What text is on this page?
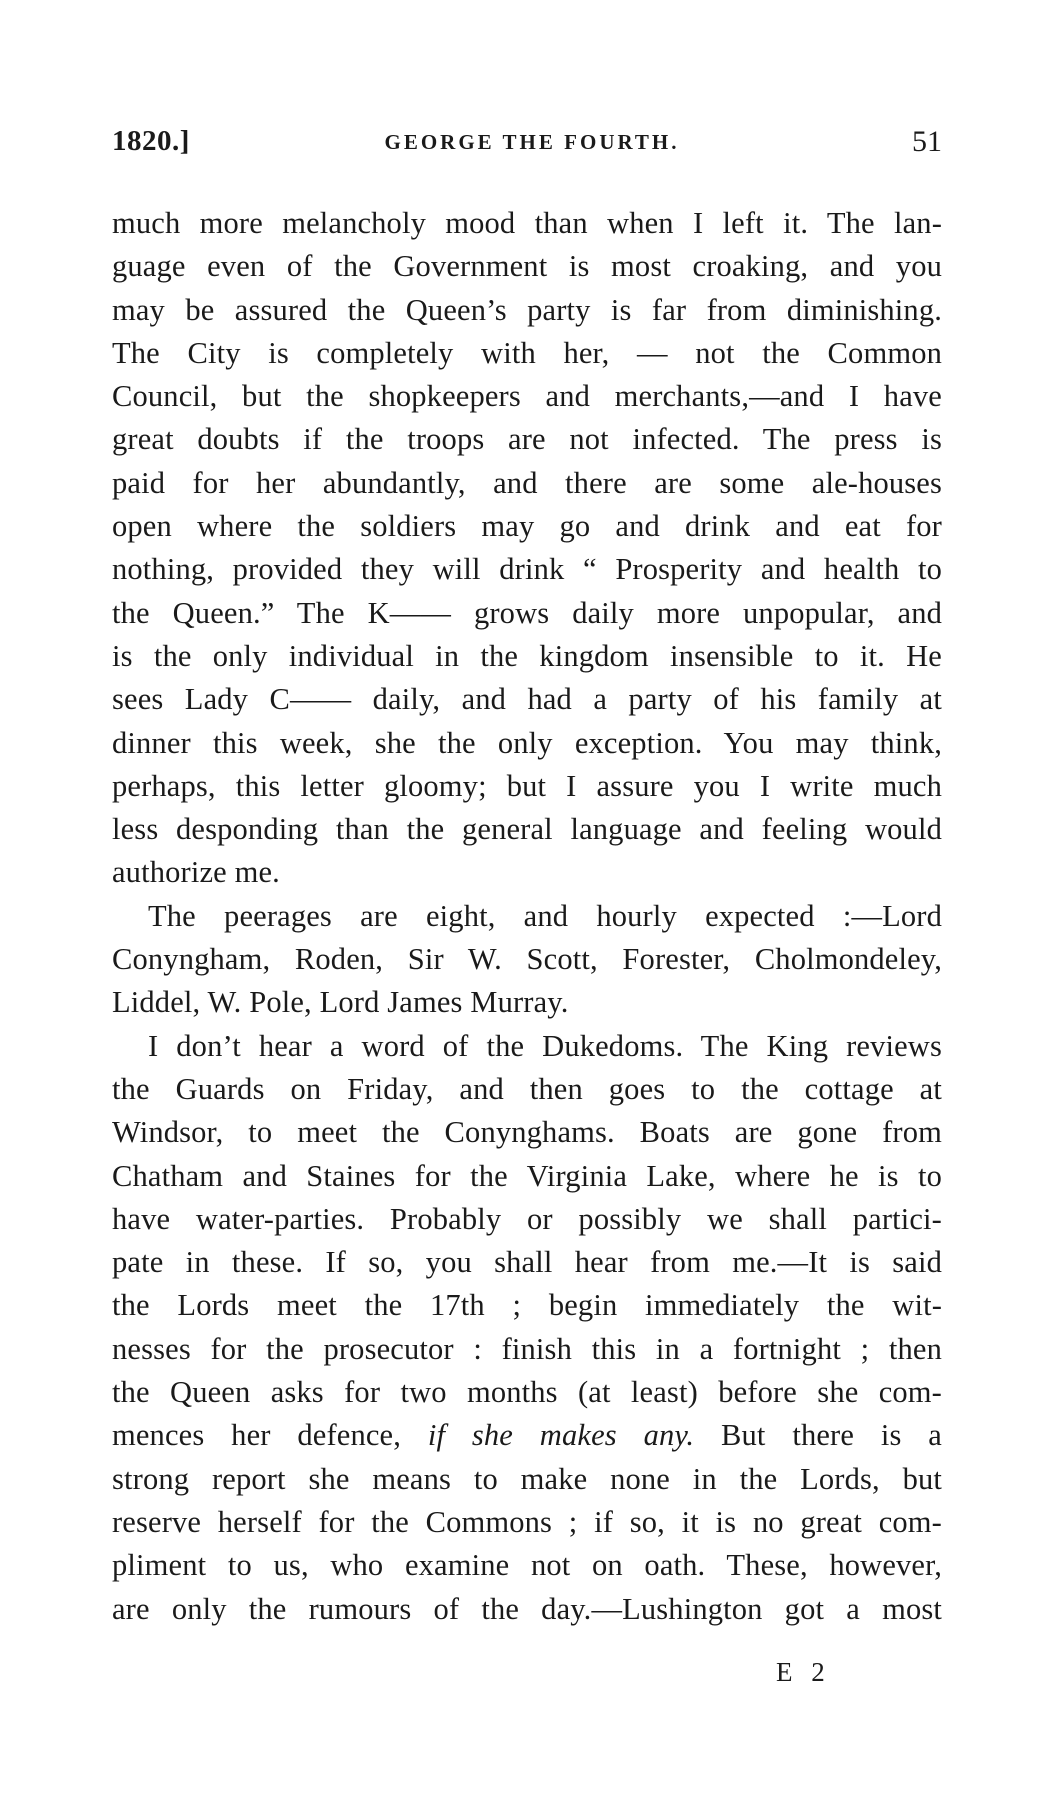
1820.]	GEORGE THE FOURTH.	51

much more melancholy mood than when I left it. The lan-
guage even of the Government is most croaking, and you
may be assured the Queen’s party is far from diminishing.
The City is completely with her, — not the Common
Council, but the shopkeepers and merchants,—and I have
great doubts if the troops are not infected. The press is
paid for her abundantly, and there are some ale-houses
open where the soldiers may go and drink and eat for
nothing, provided they will drink “ Prosperity and health to
the Queen.” The K—— grows daily more unpopular, and
is the only individual in the kingdom insensible to it. He
sees Lady C—— daily, and had a party of his family at
dinner this week, she the only exception. You may think,
perhaps, this letter gloomy; but I assure you I write much
less desponding than the general language and feeling would
authorize me.

The peerages are eight, and hourly expected :—Lord
Conyngham, Roden, Sir W. Scott, Forester, Cholmondeley,
Liddel, W. Pole, Lord James Murray.

I don’t hear a word of the Dukedoms. The King reviews
the Guards on Friday, and then goes to the cottage at
Windsor, to meet the Conynghams. Boats are gone from
Chatham and Staines for the Virginia Lake, where he is to
have water-parties. Probably or possibly we shall partici-
pate in these. If so, you shall hear from me.—It is said
the Lords meet the 17th ; begin immediately the wit-
nesses for the prosecutor : finish this in a fortnight ; then
the Queen asks for two months (at least) before she com-
mences her defence, if she makes any. But there is a
strong report she means to make none in the Lords, but
reserve herself for the Commons ; if so, it is no great com-
pliment to us, who examine not on oath. These, however,
are only the rumours of the day.—Lushington got a most

E 2
